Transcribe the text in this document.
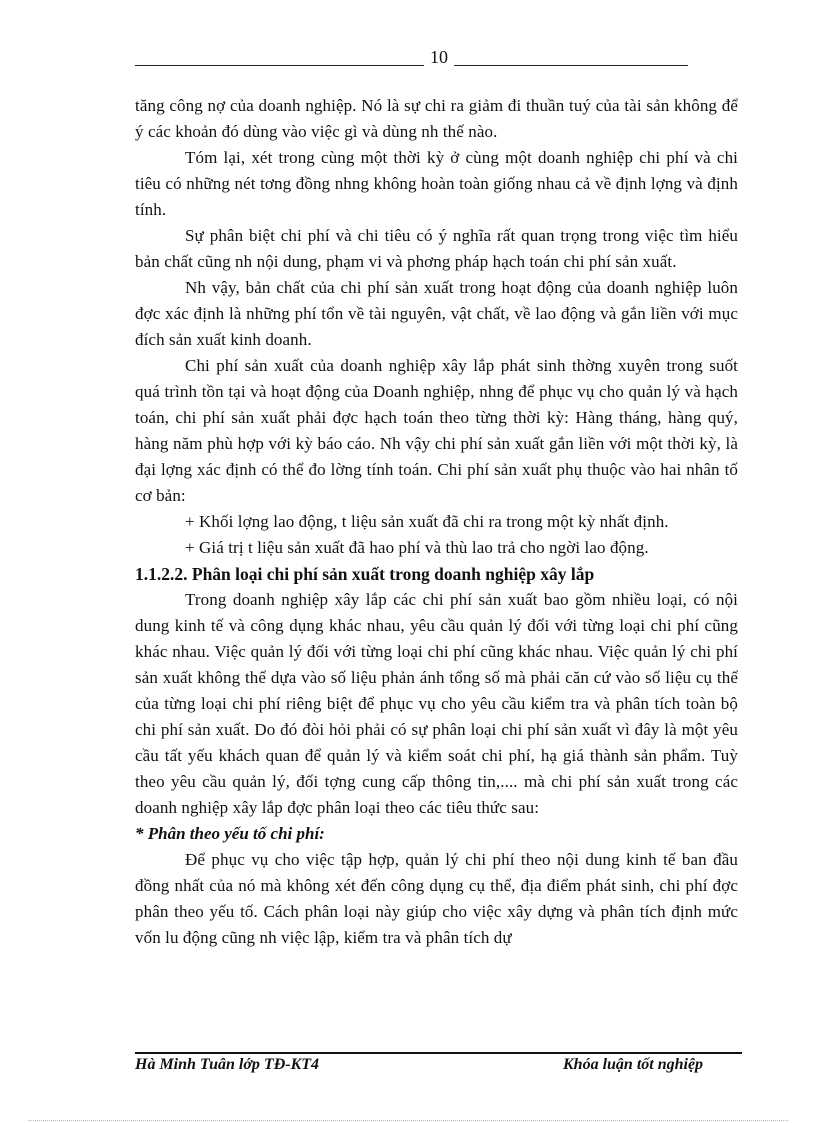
10

tăng công nợ của doanh nghiệp. Nó là sự chi ra giảm đi thuần tuý của tài sản không để ý các khoản đó dùng vào việc gì và dùng nh thế nào.

Tóm lại, xét trong cùng một thời kỳ ở cùng một doanh nghiệp chi phí và chi tiêu có những nét tơng đồng nhng không hoàn toàn giống nhau cả về định lợng và định tính.

Sự phân biệt chi phí và chi tiêu có ý nghĩa rất quan trọng trong việc tìm hiểu bản chất cũng nh nội dung, phạm vi và phơng pháp hạch toán chi phí sản xuất.

Nh vậy, bản chất của chi phí sản xuất trong hoạt động của doanh nghiệp luôn đợc xác định là những phí tổn về tài nguyên, vật chất, về lao động và gắn liền với mục đích sản xuất kinh doanh.

Chi phí sản xuất của doanh nghiệp xây lắp phát sinh thờng xuyên trong suốt quá trình tồn tại và hoạt động của Doanh nghiệp, nhng để phục vụ cho quản lý và hạch toán, chi phí sản xuất phải đợc hạch toán theo từng thời kỳ: Hàng tháng, hàng quý, hàng năm phù hợp với kỳ báo cáo. Nh vậy chi phí sản xuất gắn liền với một thời kỳ, là đại lợng xác định có thể đo lờng tính toán. Chi phí sản xuất phụ thuộc vào hai nhân tố cơ bản:

+ Khối lợng lao động, t liệu sản xuất đã chi ra trong một kỳ nhất định.

+ Giá trị t liệu sản xuất đã hao phí và thù lao trả cho ngời lao động.

1.1.2.2. Phân loại chi phí sản xuất trong doanh nghiệp xây lắp

Trong doanh nghiệp xây lắp các chi phí sản xuất bao gồm nhiều loại, có nội dung kinh tế và công dụng khác nhau, yêu cầu quản lý đối với từng loại chi phí cũng khác nhau. Việc quản lý đối với từng loại chi phí cũng khác nhau. Việc quản lý chi phí sản xuất không thể dựa vào số liệu phản ánh tổng số mà phải căn cứ vào số liệu cụ thể của từng loại chi phí riêng biệt để phục vụ cho yêu cầu kiểm tra và phân tích toàn bộ chi phí sản xuất. Do đó đòi hỏi phải có sự phân loại chi phí sản xuất vì đây là một yêu cầu tất yếu khách quan để quản lý và kiểm soát chi phí, hạ giá thành sản phẩm. Tuỳ theo yêu cầu quản lý, đối tợng cung cấp thông tin,.... mà chi phí sản xuất trong các doanh nghiệp xây lắp đợc phân loại theo các tiêu thức sau:

* Phân theo yếu tố chi phí:

Để phục vụ cho việc tập hợp, quản lý chi phí theo nội dung kinh tế ban đầu đồng nhất của nó mà không xét đến công dụng cụ thể, địa điểm phát sinh, chi phí đợc phân theo yếu tố. Cách phân loại này giúp cho việc xây dựng và phân tích định mức vốn lu động cũng nh việc lập, kiểm tra và phân tích dự

Hà Minh Tuân lớp TĐ-KT4	Khóa luận tốt nghiệp
